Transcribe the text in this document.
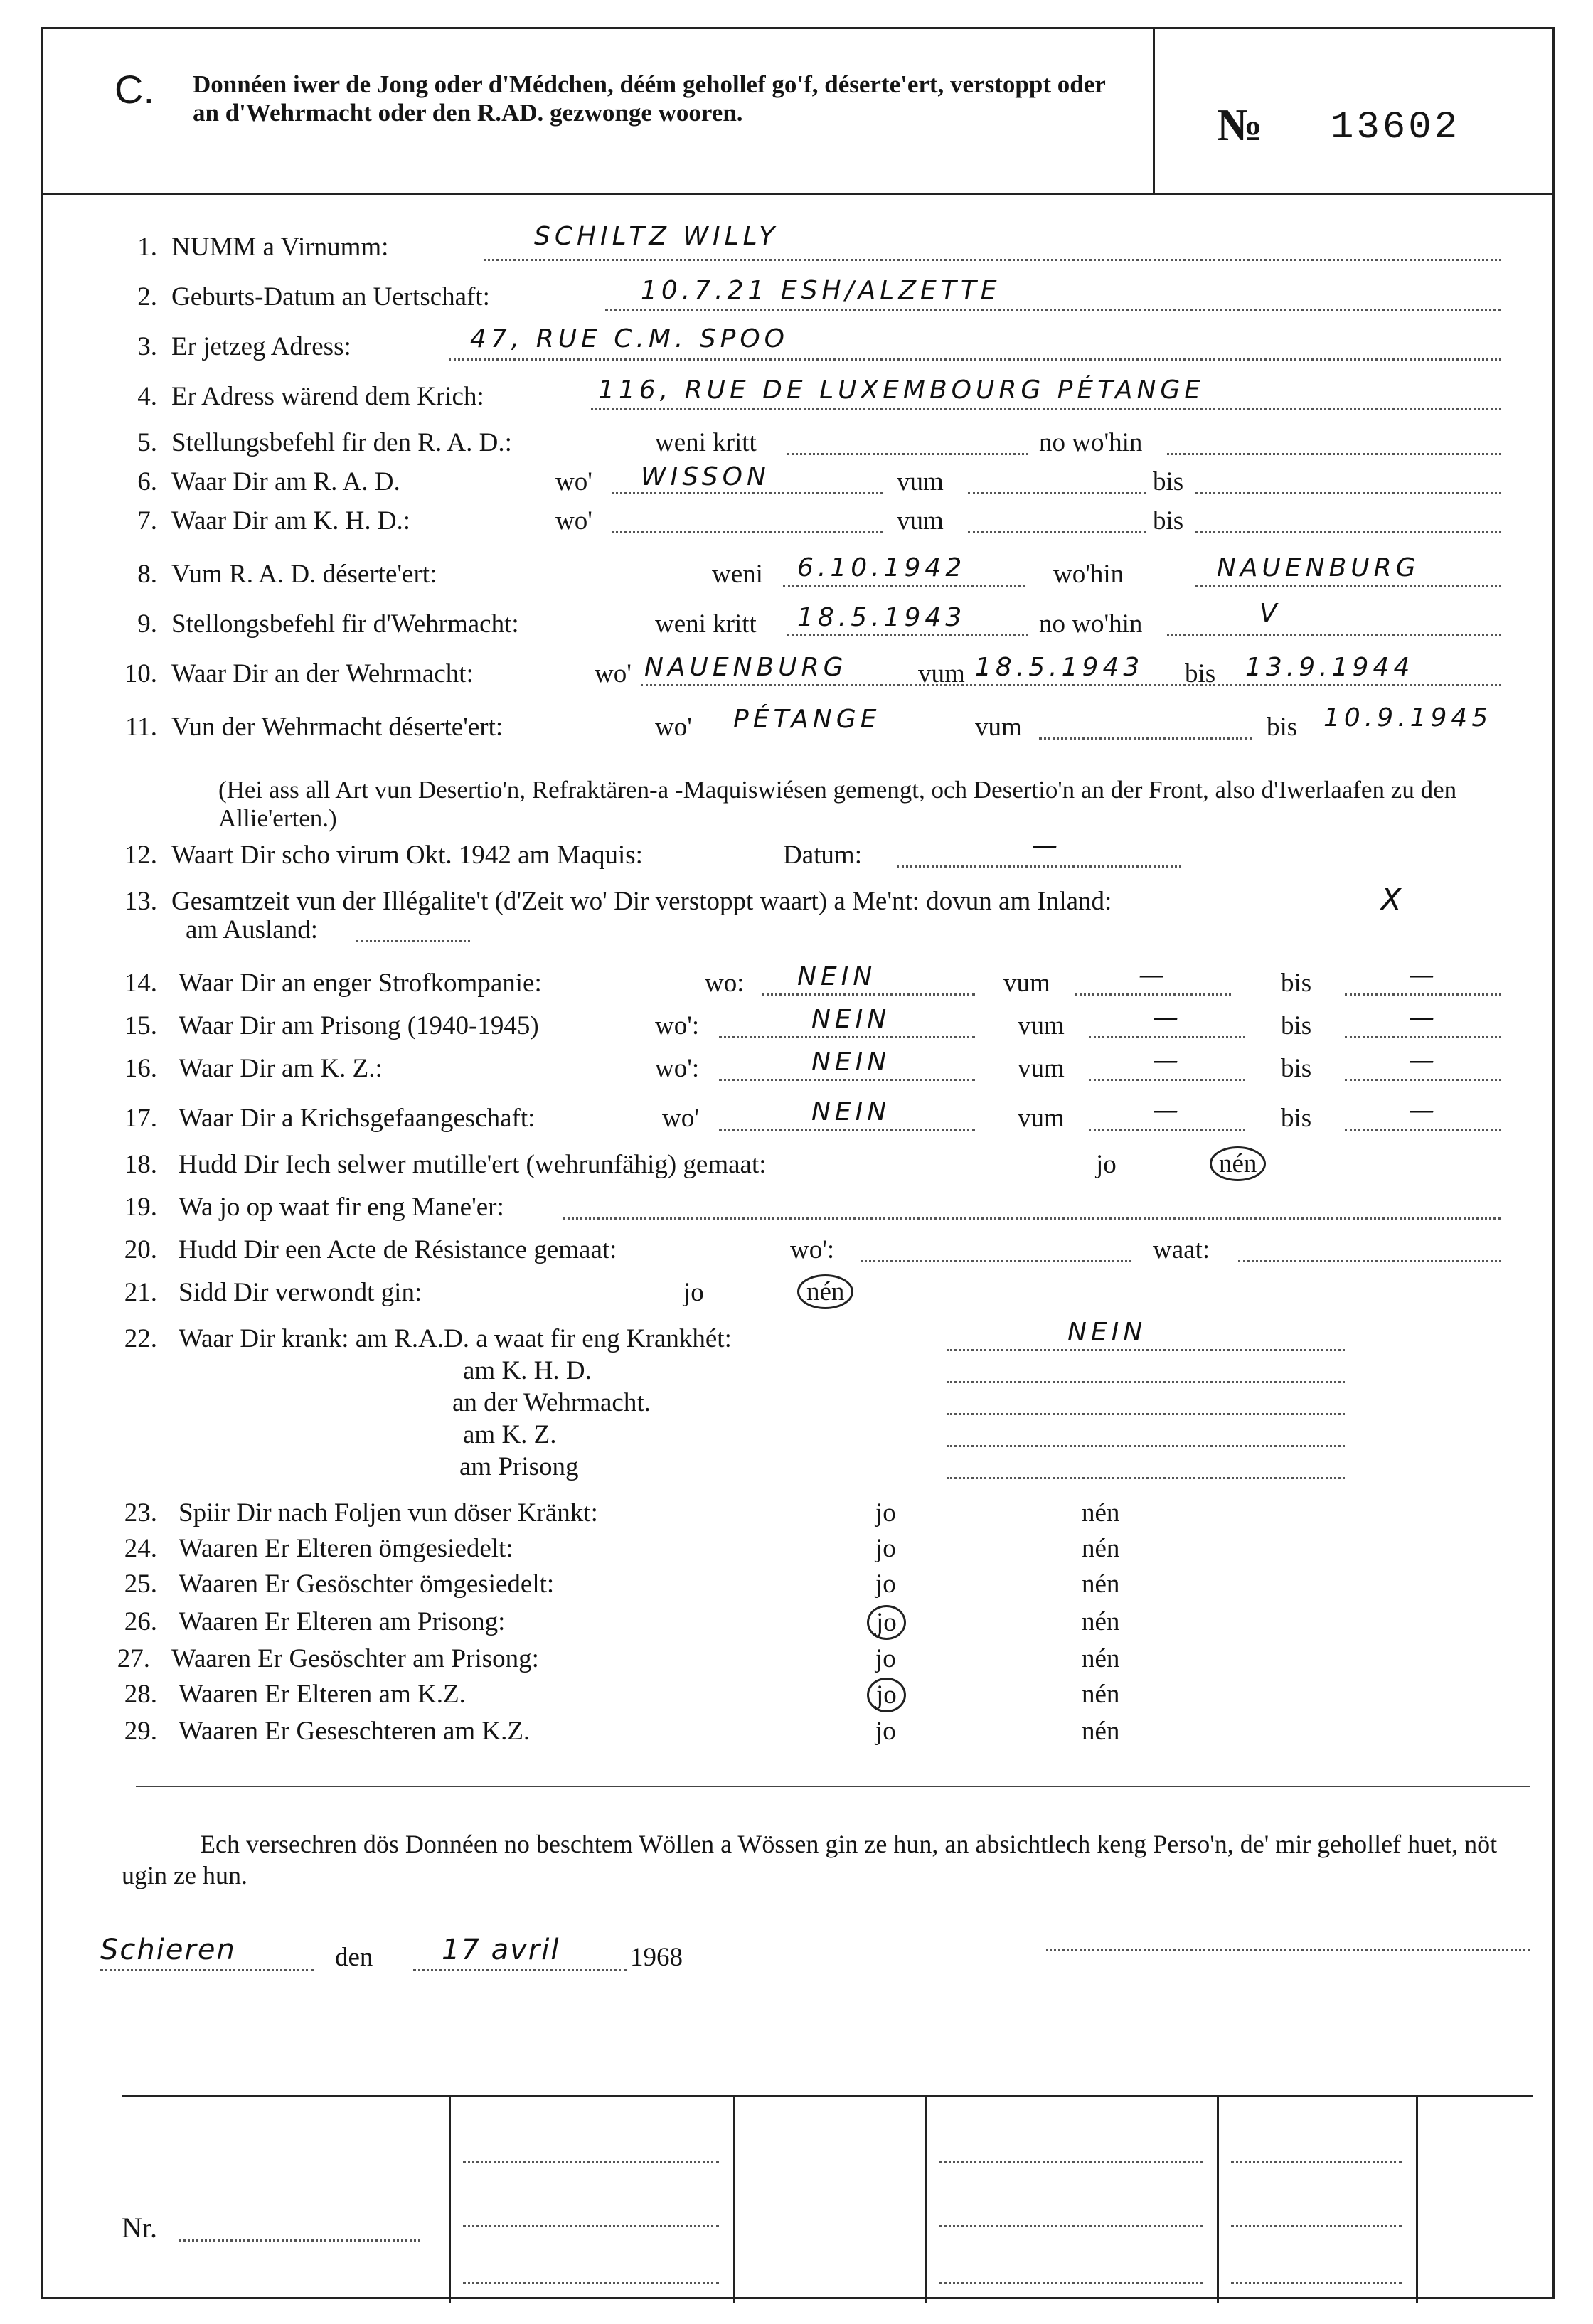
C. Donnéen iwer de Jong oder d'Médchen, déém gehollef go'f, déserte'ert, verstoppt oder an d'Wehrmacht oder den R.AD. gezwonge wooren.	№ 13602
1. NUMM a Virnumm:	SCHILTZ WILLY
2. Geburts-Datum an Uertschaft:	10.7.21 ESH/ALZETTE
3. Er jetzeg Adress:	47, RUE C.M. SPOO
4. Er Adress wärend dem Krich:	116, RUE DE LUXEMBOURG PÉTANGE
5. Stellungsbefehl fir den R. A. D.:	weni kritt	no wo'hin
6. Waar Dir am R. A. D.	wo' WISSON	vum	bis
7. Waar Dir am K. H. D.:	wo'	vum	bis
8. Vum R. A. D. déserte'ert:	weni 6.10.1942	wo'hin	NAUENBURG
9. Stellongsbefehl fir d'Wehrmacht:	weni kritt 18.5.1943	no wo'hin	V
10. Waar Dir an der Wehrmacht:	wo' NAUENBURG	vum 18.5.1943 bis 13.9.1944
11. Vun der Wehrmacht déserte'ert:	wo' PÉTANGE	vum	bis 10.9.1945
(Hei ass all Art vun Desertio'n, Refraktären-a -Maquiswiésen gemengt, och Desertio'n an der Front, also d'Iwerlaafen zu den Allie'erten.)
12. Waart Dir scho virum Okt. 1942 am Maquis:	Datum:	—
13. Gesamtzeit vun der Illégalite't (d'Zeit wo' Dir verstoppt waart) a Me'nt: dovun am Inland:	X
am Ausland:
14. Waar Dir an enger Strofkompanie:	wo: NEIN	vum	—	bis	—
15. Waar Dir am Prisong (1940-1945)	wo':	NEIN	vum	—	bis	—
16. Waar Dir am K. Z.:	wo':	NEIN	vum	—	bis	—
17. Waar Dir a Krichsgefaangeschaft:	wo'	NEIN	vum	—	bis	—
18. Hudd Dir Iech selwer mutille'ert (wehrunfähig) gemaat:	jo	nén
19. Wa jo op waat fir eng Mane'er:
20. Hudd Dir een Acte de Résistance gemaat:	wo':	waat:
21. Sidd Dir verwondt gin:	jo	nén
22. Waar Dir krank: am R.A.D. a waat fir eng Krankhét:	NEIN
am K. H. D.
an der Wehrmacht.
am K. Z.
am Prisong
23. Spiir Dir nach Foljen vun döser Kränkt:	jo	nén
24. Waaren Er Elteren ömgesiedelt:	jo	nén
25. Waaren Er Gesöschter ömgesiedelt:	jo	nén
26. Waaren Er Elteren am Prisong:	jo	nén
27. Waaren Er Gesöschter am Prisong:	jo	nén
28. Waaren Er Elteren am K.Z.	jo	nén
29. Waaren Er Geseschteren am K.Z.	jo	nén
Ech versechren dös Donnéen no beschtem Wöllen a Wössen gin ze hun, an absichtlech keng Perso'n, de' mir gehollef huet, nöt ugin ze hun.
Schieren	den 17 avril	1968
Nr.
